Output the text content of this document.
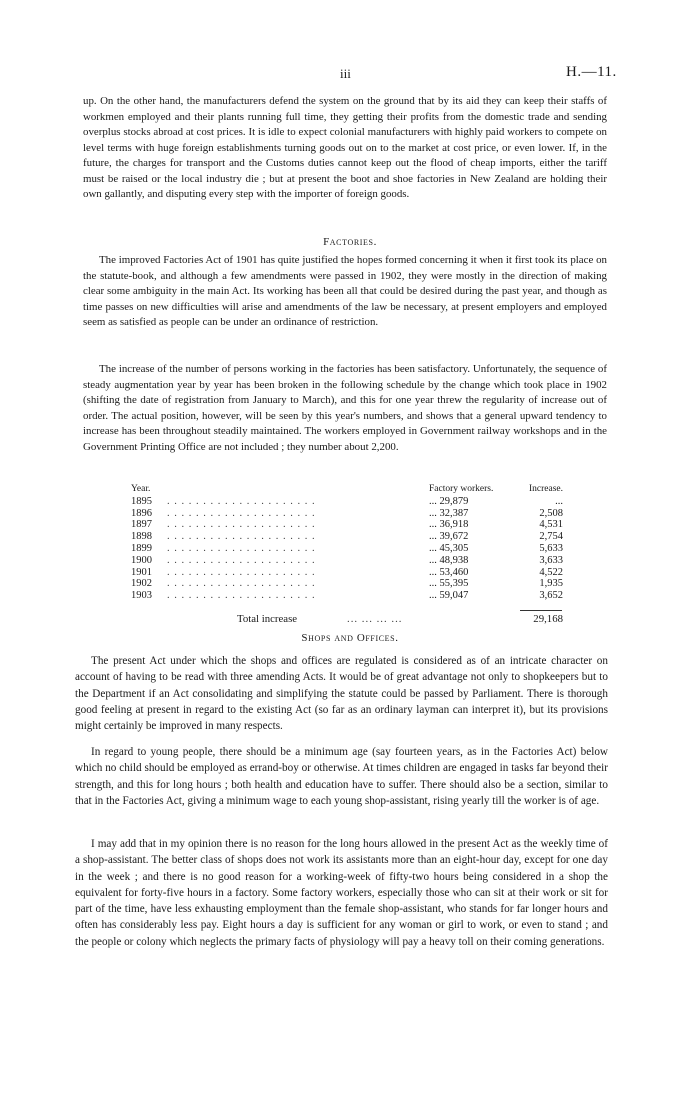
iii	H.—11.

up. On the other hand, the manufacturers defend the system on the ground that by its aid they can keep their staffs of workmen employed and their plants running full time, they getting their profits from the domestic trade and sending overplus stocks abroad at cost prices. It is idle to expect colonial manufacturers with highly paid workers to compete on level terms with huge foreign establishments turning goods out on to the market at cost price, or even lower. If, in the future, the charges for transport and the Customs duties cannot keep out the flood of cheap imports, either the tariff must be raised or the local industry die ; but at present the boot and shoe factories in New Zealand are holding their own gallantly, and disputing every step with the importer of foreign goods.

Factories.

The improved Factories Act of 1901 has quite justified the hopes formed concerning it when it first took its place on the statute-book, and although a few amendments were passed in 1902, they were mostly in the direction of making clear some ambiguity in the main Act. Its working has been all that could be desired during the past year, and though as time passes on new difficulties will arise and amendments of the law be necessary, at present employers and employed seem as satisfied as people can be under an ordinance of restriction.

The increase of the number of persons working in the factories has been satisfactory. Unfortunately, the sequence of steady augmentation year by year has been broken in the following schedule by the change which took place in 1902 (shifting the date of registration from January to March), and this for one year threw the regularity of increase out of order. The actual position, however, will be seen by this year's numbers, and shows that a general upward tendency to increase has been throughout steadily maintained. The workers employed in Government railway workshops and in the Government Printing Office are not included ; they number about 2,200.

Year.		Factory workers.	Increase.
1895	. . . . . . . . . . . . . . . . . . . . .	... 29,879	...
1896	. . . . . . . . . . . . . . . . . . . . .	... 32,387	2,508
1897	. . . . . . . . . . . . . . . . . . . . .	... 36,918	4,531
1898	. . . . . . . . . . . . . . . . . . . . .	... 39,672	2,754
1899	. . . . . . . . . . . . . . . . . . . . .	... 45,305	5,633
1900	. . . . . . . . . . . . . . . . . . . . .	... 48,938	3,633
1901	. . . . . . . . . . . . . . . . . . . . .	... 53,460	4,522
1902	. . . . . . . . . . . . . . . . . . . . .	... 55,395	1,935
1903	. . . . . . . . . . . . . . . . . . . . .	... 59,047	3,652
Total increase	... ... ... ...	29,168
Shops and Offices.

The present Act under which the shops and offices are regulated is considered as of an intricate character on account of having to be read with three amending Acts. It would be of great advantage not only to shopkeepers but to the Department if an Act consolidating and simplifying the statute could be passed by Parliament. There is thorough good feeling at present in regard to the existing Act (so far as an ordinary layman can interpret it), but its provisions might certainly be improved in many respects.

In regard to young people, there should be a minimum age (say fourteen years, as in the Factories Act) below which no child should be employed as errand-boy or otherwise. At times children are engaged in tasks far beyond their strength, and this for long hours ; both health and education have to suffer. There should also be a section, similar to that in the Factories Act, giving a minimum wage to each young shop-assistant, rising yearly till the worker is of age.

I may add that in my opinion there is no reason for the long hours allowed in the present Act as the weekly time of a shop-assistant. The better class of shops does not work its assistants more than an eight-hour day, except for one day in the week ; and there is no good reason for a working-week of fifty-two hours being considered in a shop the equivalent for forty-five hours in a factory. Some factory workers, especially those who can sit at their work or sit for part of the time, have less exhausting employment than the female shop-assistant, who stands for far longer hours and often has considerably less pay. Eight hours a day is sufficient for any woman or girl to work, or even to stand ; and the people or colony which neglects the primary facts of physiology will pay a heavy toll on their coming generations.
